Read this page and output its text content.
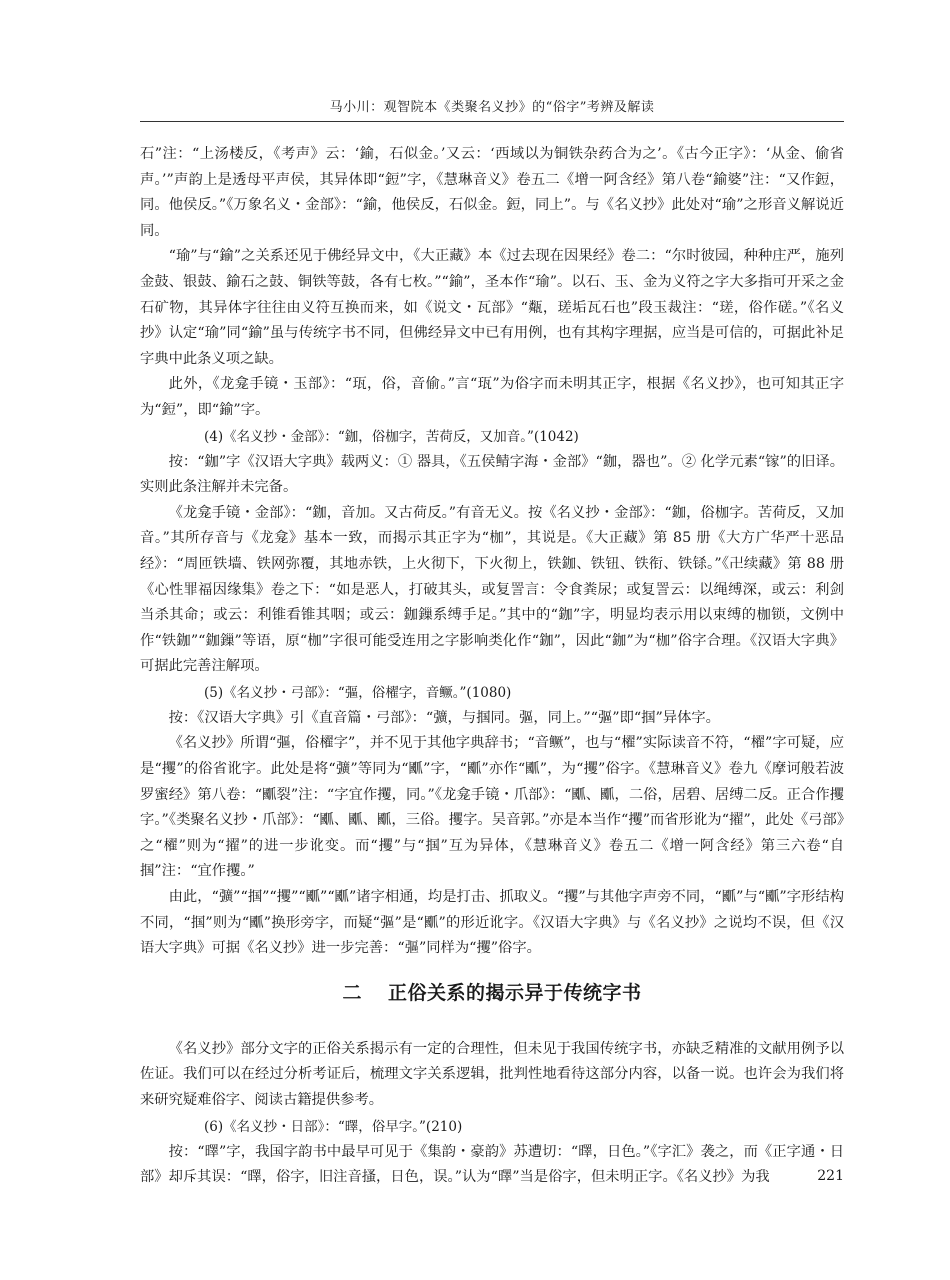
马小川：观智院本《类聚名义抄》的“俗字”考辨及解读

石”注：“上汤楼反，《考声》云：‘鍮，石似金。’又云：‘西域以为铜铁杂药合为之’。《古今正字》：‘从金、偷省声。’”声韵上是透母平声侯，其异体即“鋀”字，《慧琳音义》卷五二《增一阿含经》第八卷“鍮婆”注：“又作鋀，同。他侯反。”《万象名义・金部》：“鍮，他侯反，石似金。鋀，同上”。与《名义抄》此处对“瑜”之形音义解说近同。

“瑜”与“鍮”之关系还见于佛经异文中，《大正藏》本《过去现在因果经》卷二：“尔时彼园，种种庄严，施列金鼓、银鼓、鍮石之鼓、铜铁等鼓，各有七枚。”“鍮”，圣本作“瑜”。以石、玉、金为义符之字大多指可开采之金石矿物，其异体字往往由义符互换而来，如《说文・瓦部》“甐，瑳垢瓦石也”段玉裁注：“瑳，俗作磋。”《名义抄》认定“瑜”同“鍮”虽与传统字书不同，但佛经异文中已有用例，也有其构字理据，应当是可信的，可据此补足字典中此条义项之缺。

此外，《龙龛手镜・玉部》：“珁，俗，音偷。”言“珁”为俗字而未明其正字，根据《名义抄》，也可知其正字为“鋀”，即“鍮”字。

(4)《名义抄・金部》：“鉫，俗枷字，苦荷反，又加音。”(1042)

按：“鉫”字《汉语大字典》载两义：① 器具，《五侯鲭字海・金部》“鉫，器也”。② 化学元素“镓”的旧译。实则此条注解并未完备。

《龙龛手镜・金部》：“鉫，音加。又古荷反。”有音无义。按《名义抄・金部》：“鉫，俗枷字。苦荷反，又加音。”其所存音与《龙龛》基本一致，而揭示其正字为“枷”，其说是。《大正藏》第 85 册《大方广华严十恶品经》：“周匝铁墙、铁网弥覆，其地赤铁，上火彻下，下火彻上，铁鉫、铁钮、铁衔、铁铩。”《卍续藏》第 88 册《心性罪福因缘集》卷之下：“如是恶人，打破其头，或复詈言：令食粪尿；或复詈云：以绳缚深，或云：利剑当杀其命；或云：利锥看锥其咽；或云：鉫鏁系缚手足。”其中的“鉫”字，明显均表示用以束缚的枷锁，文例中作“铁鉫”“鉫鏁”等语，原“枷”字很可能受连用之字影响类化作“鉫”，因此“鉫”为“枷”俗字合理。《汉语大字典》可据此完善注解项。

(5)《名义抄・弓部》：“彄，俗櫂字，音鳜。”(1080)

按：《汉语大字典》引《直音篇・弓部》：“彍，与掴同。彄，同上。”“彄”即“掴”异体字。

《名义抄》所谓“彄，俗櫂字”，并不见于其他字典辞书；“音鳜”，也与“櫂”实际读音不符，“櫂”字可疑，应是“攫”的俗省讹字。此处是将“彍”等同为“爴”字，“爴”亦作“爴”，为“攫”俗字。《慧琳音义》卷九《摩诃般若波罗蜜经》第八卷：“爴裂”注：“字宜作攫，同。”《龙龛手镜・爪部》：“爴、爴，二俗，居碧、居缚二反。正合作攫字。”《类聚名义抄・爪部》：“爴、爴、爴，三俗。攫字。吴音郭。”亦是本当作“攫”而省形讹为“擢”，此处《弓部》之“櫂”则为“擢”的进一步讹变。而“攫”与“掴”互为异体，《慧琳音义》卷五二《增一阿含经》第三六卷“自掴”注：“宜作攫。”

由此，“彍”“掴”“攫”“爴”“爴”诸字相通，均是打击、抓取义。“攫”与其他字声旁不同，“爴”与“爴”字形结构不同，“掴”则为“爴”换形旁字，而疑“彄”是“爴”的形近讹字。《汉语大字典》与《名义抄》之说均不误，但《汉语大字典》可据《名义抄》进一步完善：“彄”同样为“攫”俗字。

二 正俗关系的揭示异于传统字书

《名义抄》部分文字的正俗关系揭示有一定的合理性，但未见于我国传统字书，亦缺乏精准的文献用例予以佐证。我们可以在经过分析考证后，梳理文字关系逻辑，批判性地看待这部分内容，以备一说。也许会为我们将来研究疑难俗字、阅读古籍提供参考。

(6)《名义抄・日部》：“曎，俗早字。”(210)

按：“曎”字，我国字韵书中最早可见于《集韵・豪韵》苏遭切：“曎，日色。”《字汇》袭之，而《正字通・日部》却斥其误：“曎，俗字，旧注音搔，日色，误。”认为“曎”当是俗字，但未明正字。《名义抄》为我	221
